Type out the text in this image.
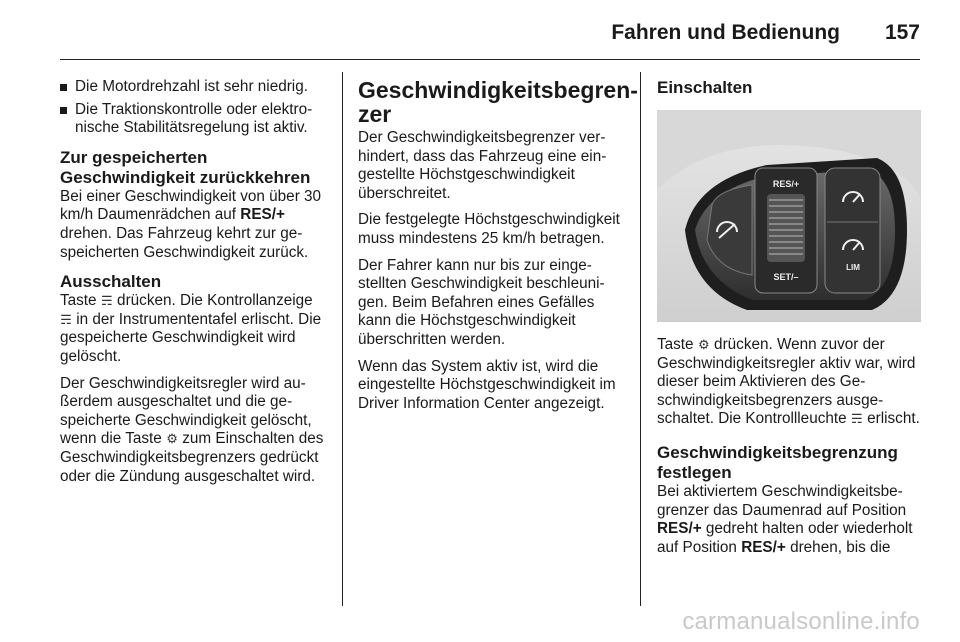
Fahren und Bedienung 157
Die Motordrehzahl ist sehr niedrig.
Die Traktionskontrolle oder elektronische Stabilitätsregelung ist aktiv.
Zur gespeicherten Geschwindigkeit zurückkehren

Bei einer Geschwindigkeit von über 30 km/h Daumenrädchen auf RES/+ drehen. Das Fahrzeug kehrt zur gespeicherten Geschwindigkeit zurück.

Ausschalten

Taste ☴ drücken. Die Kontrollanzeige ☴ in der Instrumententafel erlischt. Die gespeicherte Geschwindigkeit wird gelöscht.

Der Geschwindigkeitsregler wird außerdem ausgeschaltet und die gespeicherte Geschwindigkeit gelöscht, wenn die Taste ⚙ zum Einschalten des Geschwindigkeitsbegrenzers gedrückt oder die Zündung ausgeschaltet wird.

Geschwindigkeitsbegrenzer

Der Geschwindigkeitsbegrenzer verhindert, dass das Fahrzeug eine eingestellte Höchstgeschwindigkeit überschreitet.

Die festgelegte Höchstgeschwindigkeit muss mindestens 25 km/h betragen.

Der Fahrer kann nur bis zur eingestellten Geschwindigkeit beschleunigen. Beim Befahren eines Gefälles kann die Höchstgeschwindigkeit überschritten werden.

Wenn das System aktiv ist, wird die eingestellte Höchstgeschwindigkeit im Driver Information Center angezeigt.

Einschalten
RES/+
SET/–
LIM

Taste ⚙ drücken. Wenn zuvor der Geschwindigkeitsregler aktiv war, wird dieser beim Aktivieren des Geschwindigkeitsbegrenzers ausgeschaltet. Die Kontrollleuchte ☴ erlischt.

Geschwindigkeitsbegrenzung festlegen

Bei aktiviertem Geschwindigkeitsbegrenzer das Daumenrad auf Position RES/+ gedreht halten oder wiederholt auf Position RES/+ drehen, bis die

carmanualsonline.info
